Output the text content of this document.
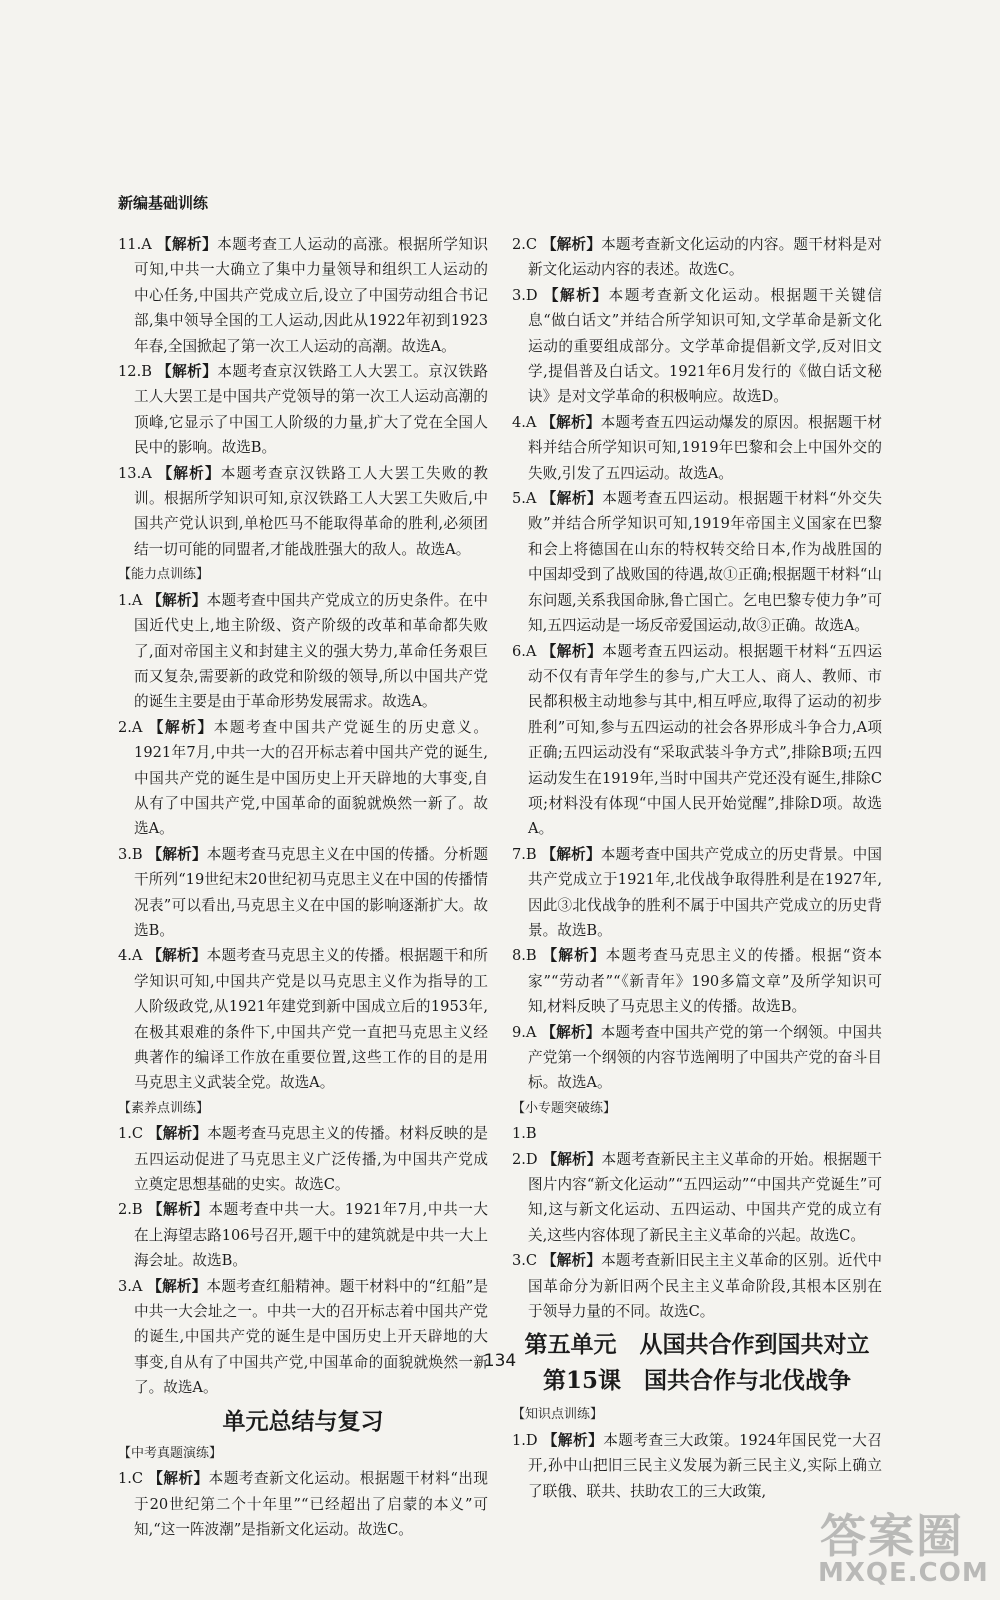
新编基础训练
11.A 【解析】本题考查工人运动的高涨。根据所学知识可知,中共一大确立了集中力量领导和组织工人运动的中心任务,中国共产党成立后,设立了中国劳动组合书记部,集中领导全国的工人运动,因此从1922年初到1923年春,全国掀起了第一次工人运动的高潮。故选A。
12.B 【解析】本题考查京汉铁路工人大罢工。京汉铁路工人大罢工是中国共产党领导的第一次工人运动高潮的顶峰,它显示了中国工人阶级的力量,扩大了党在全国人民中的影响。故选B。
13.A 【解析】本题考查京汉铁路工人大罢工失败的教训。根据所学知识可知,京汉铁路工人大罢工失败后,中国共产党认识到,单枪匹马不能取得革命的胜利,必须团结一切可能的同盟者,才能战胜强大的敌人。故选A。
【能力点训练】
1.A 【解析】本题考查中国共产党成立的历史条件。在中国近代史上,地主阶级、资产阶级的改革和革命都失败了,面对帝国主义和封建主义的强大势力,革命任务艰巨而又复杂,需要新的政党和阶级的领导,所以中国共产党的诞生主要是由于革命形势发展需求。故选A。
2.A 【解析】本题考查中国共产党诞生的历史意义。1921年7月,中共一大的召开标志着中国共产党的诞生,中国共产党的诞生是中国历史上开天辟地的大事变,自从有了中国共产党,中国革命的面貌就焕然一新了。故选A。
3.B 【解析】本题考查马克思主义在中国的传播。分析题干所列“19世纪末20世纪初马克思主义在中国的传播情况表”可以看出,马克思主义在中国的影响逐渐扩大。故选B。
4.A 【解析】本题考查马克思主义的传播。根据题干和所学知识可知,中国共产党是以马克思主义作为指导的工人阶级政党,从1921年建党到新中国成立后的1953年,在极其艰难的条件下,中国共产党一直把马克思主义经典著作的编译工作放在重要位置,这些工作的目的是用马克思主义武装全党。故选A。
【素养点训练】
1.C 【解析】本题考查马克思主义的传播。材料反映的是五四运动促进了马克思主义广泛传播,为中国共产党成立奠定思想基础的史实。故选C。
2.B 【解析】本题考查中共一大。1921年7月,中共一大在上海望志路106号召开,题干中的建筑就是中共一大上海会址。故选B。
3.A 【解析】本题考查红船精神。题干材料中的“红船”是中共一大会址之一。中共一大的召开标志着中国共产党的诞生,中国共产党的诞生是中国历史上开天辟地的大事变,自从有了中国共产党,中国革命的面貌就焕然一新了。故选A。
单元总结与复习
【中考真题演练】
1.C 【解析】本题考查新文化运动。根据题干材料“出现于20世纪第二个十年里”“已经超出了启蒙的本义”可知,“这一阵波潮”是指新文化运动。故选C。
2.C 【解析】本题考查新文化运动的内容。题干材料是对新文化运动内容的表述。故选C。
3.D 【解析】本题考查新文化运动。根据题干关键信息“做白话文”并结合所学知识可知,文学革命是新文化运动的重要组成部分。文学革命提倡新文学,反对旧文学,提倡普及白话文。1921年6月发行的《做白话文秘诀》是对文学革命的积极响应。故选D。
4.A 【解析】本题考查五四运动爆发的原因。根据题干材料并结合所学知识可知,1919年巴黎和会上中国外交的失败,引发了五四运动。故选A。
5.A 【解析】本题考查五四运动。根据题干材料“外交失败”并结合所学知识可知,1919年帝国主义国家在巴黎和会上将德国在山东的特权转交给日本,作为战胜国的中国却受到了战败国的待遇,故①正确;根据题干材料“山东问题,关系我国命脉,鲁亡国亡。乞电巴黎专使力争”可知,五四运动是一场反帝爱国运动,故③正确。故选A。
6.A 【解析】本题考查五四运动。根据题干材料“五四运动不仅有青年学生的参与,广大工人、商人、教师、市民都积极主动地参与其中,相互呼应,取得了运动的初步胜利”可知,参与五四运动的社会各界形成斗争合力,A项正确;五四运动没有“采取武装斗争方式”,排除B项;五四运动发生在1919年,当时中国共产党还没有诞生,排除C项;材料没有体现“中国人民开始觉醒”,排除D项。故选A。
7.B 【解析】本题考查中国共产党成立的历史背景。中国共产党成立于1921年,北伐战争取得胜利是在1927年,因此③北伐战争的胜利不属于中国共产党成立的历史背景。故选B。
8.B 【解析】本题考查马克思主义的传播。根据“资本家”“劳动者”“《新青年》190多篇文章”及所学知识可知,材料反映了马克思主义的传播。故选B。
9.A 【解析】本题考查中国共产党的第一个纲领。中国共产党第一个纲领的内容节选阐明了中国共产党的奋斗目标。故选A。
【小专题突破练】
1.B
2.D 【解析】本题考查新民主主义革命的开始。根据题干图片内容“新文化运动”“五四运动”“中国共产党诞生”可知,这与新文化运动、五四运动、中国共产党的成立有关,这些内容体现了新民主主义革命的兴起。故选C。
3.C 【解析】本题考查新旧民主主义革命的区别。近代中国革命分为新旧两个民主主义革命阶段,其根本区别在于领导力量的不同。故选C。
第五单元　从国共合作到国共对立
第15课　国共合作与北伐战争
【知识点训练】
1.D 【解析】本题考查三大政策。1924年国民党一大召开,孙中山把旧三民主义发展为新三民主义,实际上确立了联俄、联共、扶助农工的三大政策,
134
答案圈
MXQE.COM
